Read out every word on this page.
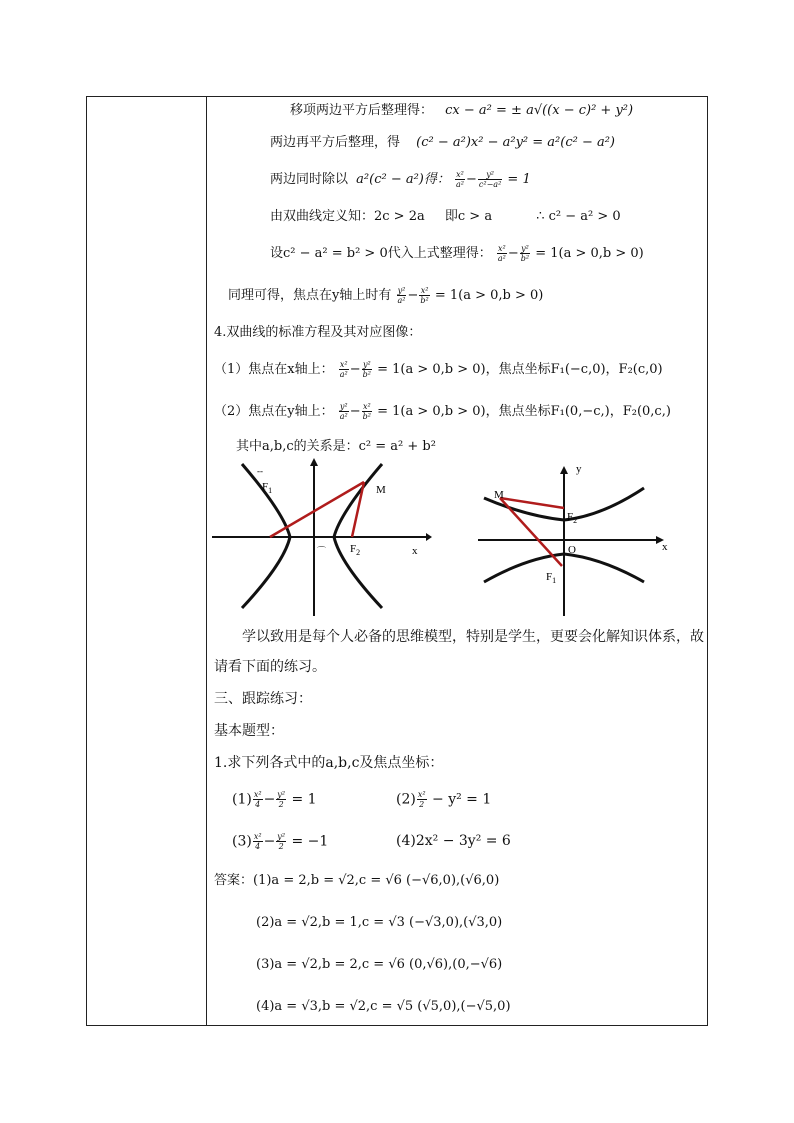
移项两边平方后整理得： cx − a² = ± a√((x − c)² + y²)
两边再平方后整理，得 (c² − a²)x² − a²y² = a²(c² − a²)
两边同时除以 a²(c² − a²)得： $\frac{\text{x²}}{\text{a²}} - \frac{\text{y²}}{\text{c²−a²}} = 1$
由双曲线定义知：2c > 2a 即c > a	∴ c² − a² > 0
设c² − a² = b² > 0代入上式整理得： $\frac{\text{x²}}{\text{a²}} - \frac{\text{y²}}{\text{b²}} = 1(a > 0,b > 0)$
同理可得，焦点在y轴上时有 $\frac{\text{y²}}{\text{a²}} - \frac{\text{x²}}{\text{b²}} = 1(a > 0,b > 0)$
4.双曲线的标准方程及其对应图像：
（1）焦点在x轴上： $\frac{\text{x²}}{\text{a²}} - \frac{\text{y²}}{\text{b²}} = 1(a > 0,b > 0)$，焦点坐标F₁(−c,0)，F₂(c,0)
（2）焦点在y轴上： $\frac{\text{y²}}{\text{a²}} - \frac{\text{x²}}{\text{b²}} = 1(a > 0,b > 0)$，焦点坐标F₁(0,−c,)，F₂(0,c,)
其中a,b,c的关系是：c² = a² + b²
$F_1$
--
M
$F_2$
⌒	x
M
y
$F_2$
O
$F_1$
x
学以致用是每个人必备的思维模型，特别是学生，更要会化解知识体系，故请看下面的练习。
三、跟踪练习：
基本题型：
1.求下列各式中的a,b,c及焦点坐标：
$(1) \frac{\text{x²}}{4} - \frac{\text{y²}}{2} = 1$	$(2) \frac{\text{x²}}{2} - y^2 = 1$
$(3) \frac{\text{x²}}{4} - \frac{\text{y²}}{2} = -1$	(4)2x² − 3y² = 6
答案：(1)a = 2,b = √2,c = √6 (−√6,0),(√6,0)
(2)a = √2,b = 1,c = √3 (−√3,0),(√3,0)
(3)a = √2,b = 2,c = √6 (0,√6),(0,−√6)
(4)a = √3,b = √2,c = √5 (√5,0),(−√5,0)
